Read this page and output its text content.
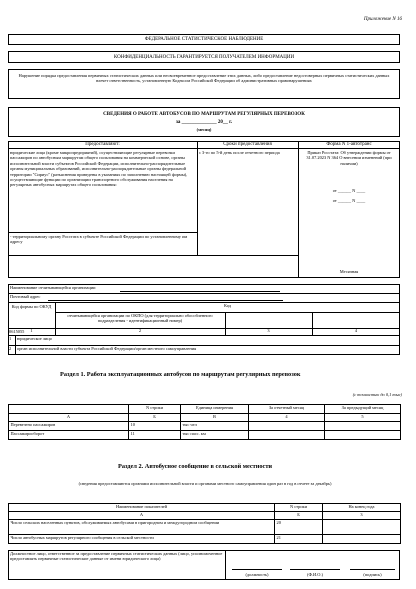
Приложение N 16
ФЕДЕРАЛЬНОЕ СТАТИСТИЧЕСКОЕ НАБЛЮДЕНИЕ
КОНФИДЕНЦИАЛЬНОСТЬ ГАРАНТИРУЕТСЯ ПОЛУЧАТЕЛЕМ ИНФОРМАЦИИ
Нарушение порядка предоставления первичных статистических данных или несвоевременное предоставление этих данных, либо предоставление недостоверных первичных статистических данных влечет ответственность, установленную Кодексом Российской Федерации об административных правонарушениях
СВЕДЕНИЯ О РАБОТЕ АВТОБУСОВ ПО МАРШРУТАМ РЕГУЛЯРНЫХ ПЕРЕВОЗОК
за ______________ 20__ г.
(месяц)
Предоставляют:	Сроки предоставления	Форма N 1-автотранс
юридические лица (кроме микропредприятий), осуществляющие регулярные перевозки пассажиров по автобусным маршрутам общего пользования на коммерческой основе, органы исполнительной власти субъектов Российской Федерации, исполнительно-распорядительные органы муниципальных образований, исполнительно-распорядительные органы федеральной территории "Сириус" (разъяснения приведены в указаниях по заполнению настоящей формы), осуществляющие функции по организации транспортного обслуживания населения на регулярных автобусных маршрутах общего пользования:
- территориальному органу Росстата в субъекте Российской Федерации по установленному им адресу
с 3-го по 5-й день после отчетного периода	Приказ Росстата: Об утверждении формы от 31.07.2023 N 364 О внесении изменений (при наличии)
от ______ N ____
от ______ N ____
Месячная
Наименование отчитывающейся организации
Почтовый адрес
Код формы по ОКУД	Код
отчитывающейся организации по ОКПО (для территориально обособленного подразделения - идентификационный номер)
1	2	3	4
юридическое лицо
1
орган исполнительной власти субъекта Российской Федерации/орган местного самоуправления
2
Раздел 1. Работа эксплуатационных автобусов по маршрутам регулярных перевозок
(с точностью до 0,1 тыс)
	N строки	Единица измерения	За отчетный месяц	За предыдущий месяц
А	Б	В	4	5
Перевезено пассажиров	10	тыс чел		
Пассажирооборот	11	тыс пасс. км		
Раздел 2. Автобусное сообщение в сельской местности
(сведения предоставляются органами исполнительной власти и органами местного самоуправления один раз в год в отчете за декабрь)
Наименование показателей	N строки	На конец года
А	Б	3
Число сельских населенных пунктов, обслуживаемых автобусами в пригородном и междугородном сообщении	20	
Число автобусных маршрутов регулярного сообщения в сельской местности	21	
Должностное лицо, ответственное за предоставление первичных статистических данных (лицо, уполномоченное предоставлять первичные статистические данные от имени юридического лица)
(должность)	(Ф.И.О.)	(подпись)
0615055
